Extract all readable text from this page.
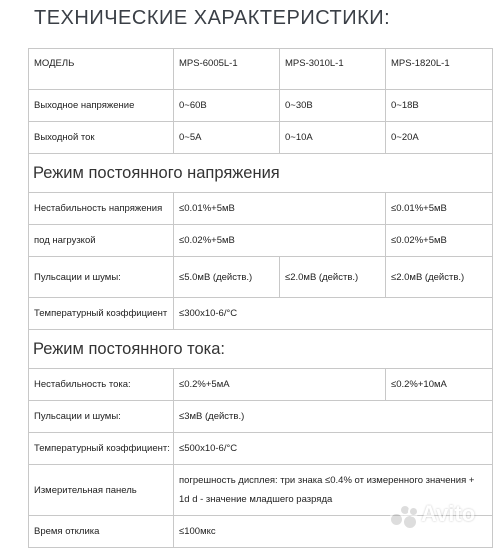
ТЕХНИЧЕСКИЕ ХАРАКТЕРИСТИКИ:
МОДЕЛЬ	MPS-6005L-1	MPS-3010L-1	MPS-1820L-1
Выходное напряжение	0~60В	0~30В	0~18В
Выходной ток	0~5А	0~10А	0~20А
Режим постоянного напряжения			
Нестабильность напряжения	≤0.01%+5мВ		≤0.01%+5мВ
под нагрузкой	≤0.02%+5мВ		≤0.02%+5мВ
Пульсации и шумы:	≤5.0мВ (действ.)	≤2.0мВ (действ.)	≤2.0мВ (действ.)
Температурный коэффициент	≤300x10-6/°C		
Режим постоянного тока:			
Нестабильность тока:	≤0.2%+5мА		≤0.2%+10мА
Пульсации и шумы:	≤3мВ (действ.)		
Температурный коэффициент:	≤500x10-6/°C		
Измерительная панель	погрешность дисплея: три знака ≤0.4% от измеренного значения + 1d d - значение младшего разряда		
Время отклика	≤100мкс		
Avito
